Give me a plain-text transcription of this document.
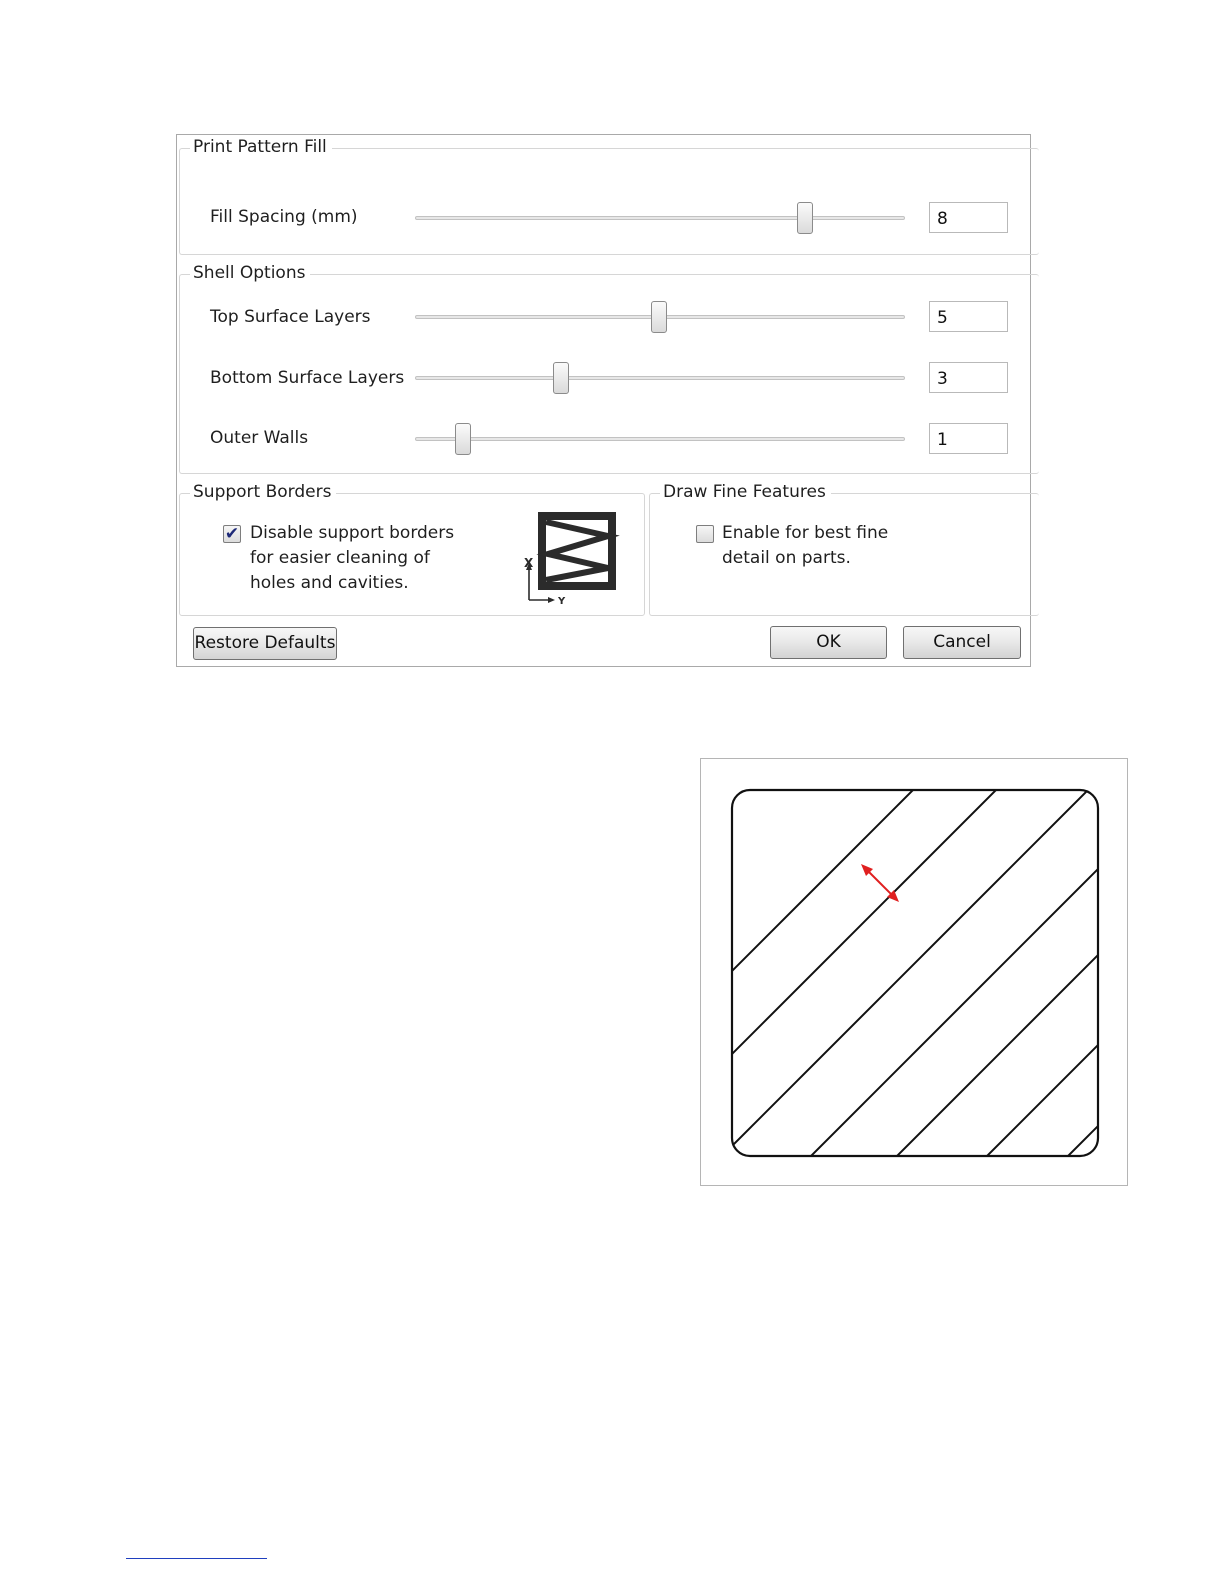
Print Pattern Fill
Fill Spacing (mm)	8
Shell Options
Top Surface Layers	5
Bottom Surface Layers	3
Outer Walls	1
Support Borders
✔ Disable support borders
for easier cleaning of
holes and cavities.
X
Y
Draw Fine Features
Enable for best fine
detail on parts.
Restore Defaults	OK	Cancel
